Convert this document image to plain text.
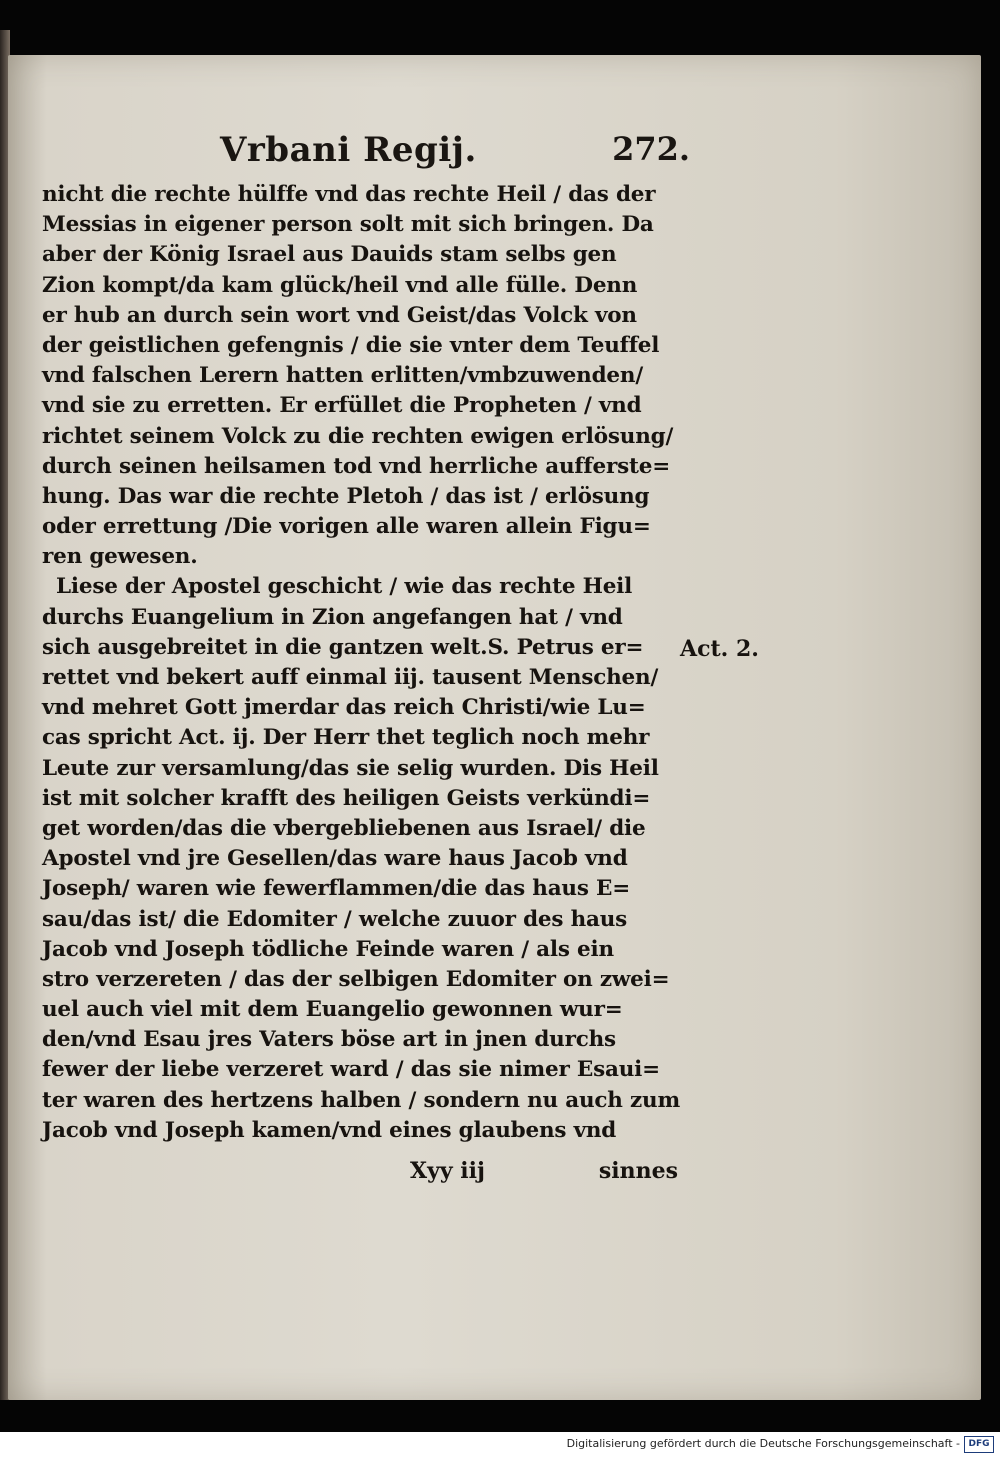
Vrbani Regij.	272.
nicht die rechte hülffe vnd das rechte Heil / das der
Messias in eigener person solt mit sich bringen. Da
aber der König Israel aus Dauids stam selbs gen
Zion kompt/da kam glück/heil vnd alle fülle. Denn
er hub an durch sein wort vnd Geist/das Volck von
der geistlichen gefengnis / die sie vnter dem Teuffel
vnd falschen Lerern hatten erlitten/vmbzuwenden/
vnd sie zu erretten. Er erfüllet die Propheten / vnd
richtet seinem Volck zu die rechten ewigen erlösung/
durch seinen heilsamen tod vnd herrliche aufferste=
hung. Das war die rechte Pletoh / das ist / erlösung
oder errettung /Die vorigen alle waren allein Figu=
ren gewesen.
Liese der Apostel geschicht / wie das rechte Heil
durchs Euangelium in Zion angefangen hat / vnd
sich ausgebreitet in die gantzen welt.S. Petrus er=
rettet vnd bekert auff einmal iij. tausent Menschen/
vnd mehret Gott jmerdar das reich Christi/wie Lu=
cas spricht Act. ij. Der Herr thet teglich noch mehr
Leute zur versamlung/das sie selig wurden. Dis Heil
ist mit solcher krafft des heiligen Geists verkündi=
get worden/das die vbergebliebenen aus Israel/ die
Apostel vnd jre Gesellen/das ware haus Jacob vnd
Joseph/ waren wie fewerflammen/die das haus E=
sau/das ist/ die Edomiter / welche zuuor des haus
Jacob vnd Joseph tödliche Feinde waren / als ein
stro verzereten / das der selbigen Edomiter on zwei=
uel auch viel mit dem Euangelio gewonnen wur=
den/vnd Esau jres Vaters böse art in jnen durchs
fewer der liebe verzeret ward / das sie nimer Esaui=
ter waren des hertzens halben / sondern nu auch zum
Jacob vnd Joseph kamen/vnd eines glaubens vnd
Act. 2.
Xyy iij	sinnes
Digitalisierung gefördert durch die Deutsche Forschungsgemeinschaft - DFG
